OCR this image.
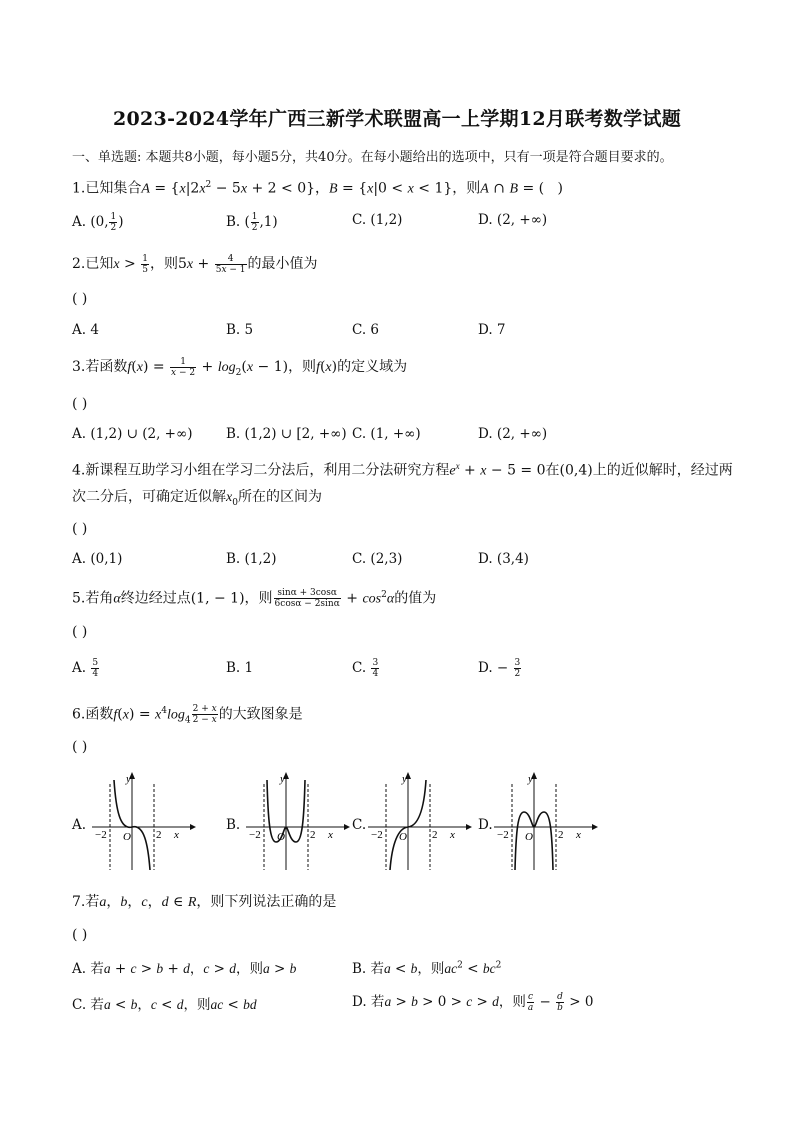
2023-2024学年广西三新学术联盟高一上学期12月联考数学试题
一、单选题: 本题共8小题，每小题5分，共40分。在每小题给出的选项中，只有一项是符合题目要求的。
1.已知集合$A = \{x|2x^2 - 5x + 2 < 0\}$，B = {x|0 < x < 1}，则A ∩ B = (   )
A. (0, $\frac{1}{2}$ )	B. ( $\frac{1}{2} ,1$)	C. (1,2)	D. (2, +∞)
2.已知$x > \frac{1}{5}$ ，则$5x + \frac{4}{5x - 1}$ 的最小值为
( )
A. 4	B. 5	C. 6	D. 7
3.若函数$f(x) = \frac{1}{x - 2} + \log_2(x - 1)$，则f(x)的定义域为
( )
A. (1,2) ∪ (2, +∞) B. (1,2) ∪ [2, +∞) C. (1, +∞)	D. (2, +∞)
4.新课程互助学习小组在学习二分法后，利用二分法研究方程$e^x + x - 5 = 0$在(0,4)上的近似解时，经过两
次二分后，可确定近似解$x_0$所在的区间为
( )
A. (0,1)	B. (1,2)	C. (2,3)	D. (3,4)
5.若角α终边经过点(1, − 1)，则 $\frac{\sin\alpha + 3\cos\alpha}{6\cos\alpha - 2\sin\alpha} + \cos^2\alpha$的值为
( )
A. $\frac{5}{4}$	B. 1	C. $\frac{3}{4}$	D. − $\frac{3}{2}$
6.函数$f(x) = x^4\log_4 \frac{2 + x}{2 - x}$ 的大致图象是
( )
A.
−2	2
O	x
y
B.
−2	2
O	x
y
C.
−2	2
O	x
y
D.
−2	2
O	x
y
7.若a，b，c，d ∈ R，则下列说法正确的是
( )
A. 若a + c > b + d，c > d，则a > b	B. 若a < b，则$ac^2 < bc^2$
C. 若a < b，c < d，则ac < bd	D. 若a > b > 0 > c > d，则 $\frac{c}{a} - \frac{d}{b} > 0$
